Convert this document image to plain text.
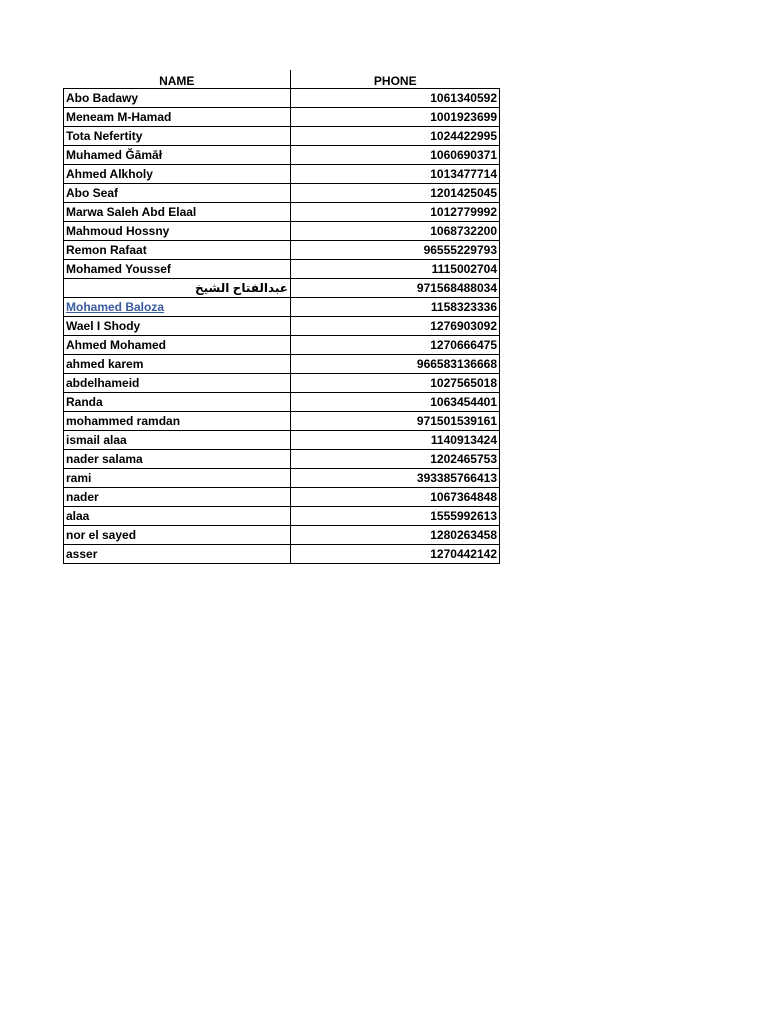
NAME	PHONE
Abo Badawy	1061340592
Meneam M-Hamad	1001923699
Tota Nefertity	1024422995
Muhamed Ğāmāł	1060690371
Ahmed Alkholy	1013477714
Abo Seaf	1201425045
Marwa Saleh Abd Elaal	1012779992
Mahmoud Hossny	1068732200
Remon Rafaat	96555229793
Mohamed Youssef	1115002704
عبدالفتاح الشيخ	971568488034
Mohamed Baloza	1158323336
Wael I Shody	1276903092
Ahmed Mohamed	1270666475
ahmed karem	966583136668
abdelhameid	1027565018
Randa	1063454401
mohammed ramdan	971501539161
ismail alaa	1140913424
nader salama	1202465753
rami	393385766413
nader	1067364848
alaa	1555992613
nor el sayed	1280263458
asser	1270442142
